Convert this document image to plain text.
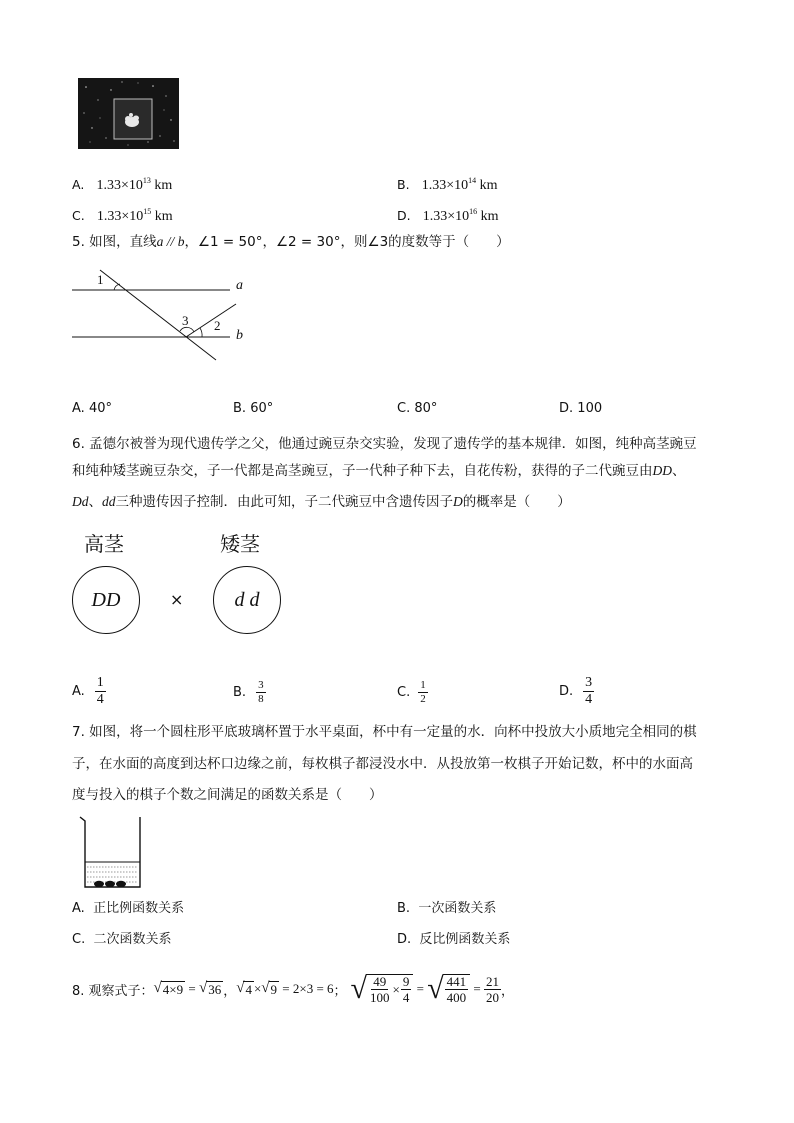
A. $1.33\times 10^{13}$ km	B. $1.33\times 10^{14}$ km
C. $1.33\times 10^{15}$ km	D. $1.33\times 10^{16}$ km
5. 如图，直线a // b，∠1 = 50°，∠2 = 30°，则∠3的度数等于（　　）
1	a
3 2
b
A. 40°	B. 60°	C. 80°	D. 100
6. 孟德尔被誉为现代遗传学之父，他通过豌豆杂交实验，发现了遗传学的基本规律．如图，纯种高茎豌豆
和纯种矮茎豌豆杂交，子一代都是高茎豌豆，子一代种子种下去，自花传粉，获得的子二代豌豆由DD、
Dd、dd三种遗传因子控制．由此可知，子二代豌豆中含遗传因子D的概率是（　　）
高茎	矮茎
DD	×	d d
A. $\frac{1}{4}$	B. $\frac{3}{8}$	C. $\frac{1}{2}$	D. $\frac{3}{4}$
7. 如图，将一个圆柱形平底玻璃杯置于水平桌面，杯中有一定量的水．向杯中投放大小质地完全相同的棋
子，在水面的高度到达杯口边缘之前，每枚棋子都浸没水中．从投放第一枚棋子开始记数，杯中的水面高
度与投入的棋子个数之间满足的函数关系是（　　）
A. 正比例函数关系	B. 一次函数关系
C. 二次函数关系	D. 反比例函数关系
8. 观察式子： √ 4×9 = √ 36 ， √ 4 × √ 9 = 2×3 = 6 ； √ $\frac{49}{100} \times \frac{9}{4}$ = √ $\frac{441}{400} = \frac{21}{20}$ ，
